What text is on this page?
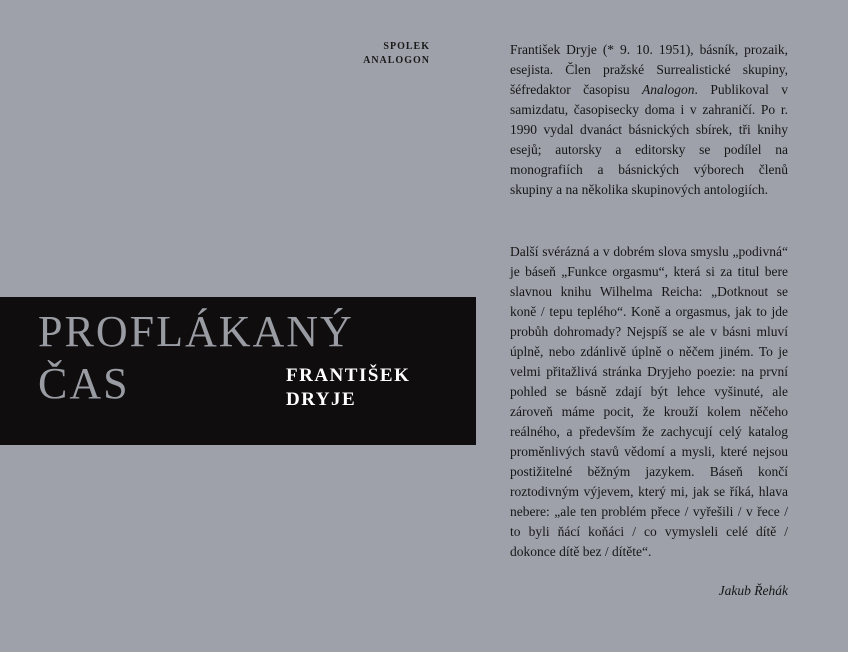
SPOLEK
ANALOGON
František Dryje (* 9. 10. 1951), básník, prozaik, esejista. Člen pražské Surrealistické skupiny, šéfredaktor časopisu Analogon. Publikoval v samizdatu, časopisecky doma i v zahraničí. Po r. 1990 vydal dvanáct básnických sbírek, tři knihy esejů; autorsky a editorsky se podílel na monografiích a básnických výborech členů skupiny a na několika skupinových antologiích.
PROFLÁKANÝ
ČAS	FRANTIŠEK
DRYJE
Další svérázná a v dobrém slova smyslu „podivná“ je báseň „Funkce orgasmu“, která si za titul bere slavnou knihu Wilhelma Reicha: „Dotknout se koně / tepu teplého“. Koně a orgasmus, jak to jde probůh dohromady? Nejspíš se ale v básni mluví úplně, nebo zdánlivě úplně o něčem jiném. To je velmi přitažlivá stránka Dryjeho poezie: na první pohled se básně zdají být lehce vyšinuté, ale zároveň máme pocit, že krouží kolem něčeho reálného, a především že zachycují celý katalog proměnlivých stavů vědomí a mysli, které nejsou postižitelné běžným jazykem. Báseň končí roztodivným výjevem, který mi, jak se říká, hlava nebere: „ale ten problém přece / vyřešili / v řece / to byli ňácí koňáci / co vymysleli celé dítě / dokonce dítě bez / dítěte“.
Jakub Řehák
